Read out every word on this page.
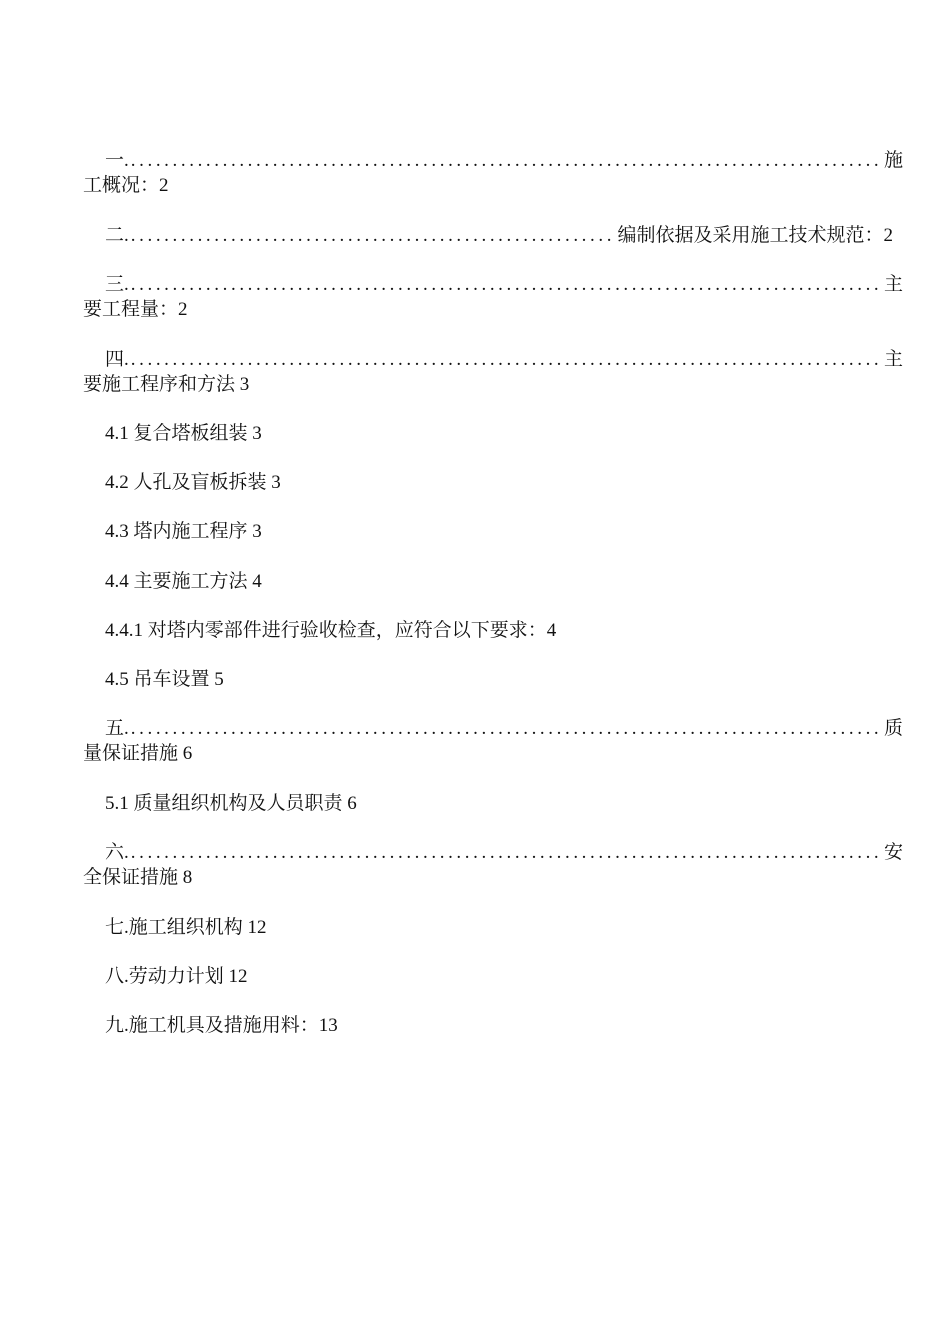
一. .....	施
工概况：2
二. .....	编制依据及采用施工技术规范：2
三. .....	主
要工程量：2
四. .....	主
要施工程序和方法 3
4.1 复合塔板组装 3
4.2 人孔及盲板拆装 3
4.3 塔内施工程序 3
4.4 主要施工方法 4
4.4.1 对塔内零部件进行验收检查，应符合以下要求：4
4.5 吊车设置 5
五. .....	质
量保证措施 6
5.1 质量组织机构及人员职责 6
六. .....	安
全保证措施 8
七.施工组织机构 12
八.劳动力计划 12
九.施工机具及措施用料：13
